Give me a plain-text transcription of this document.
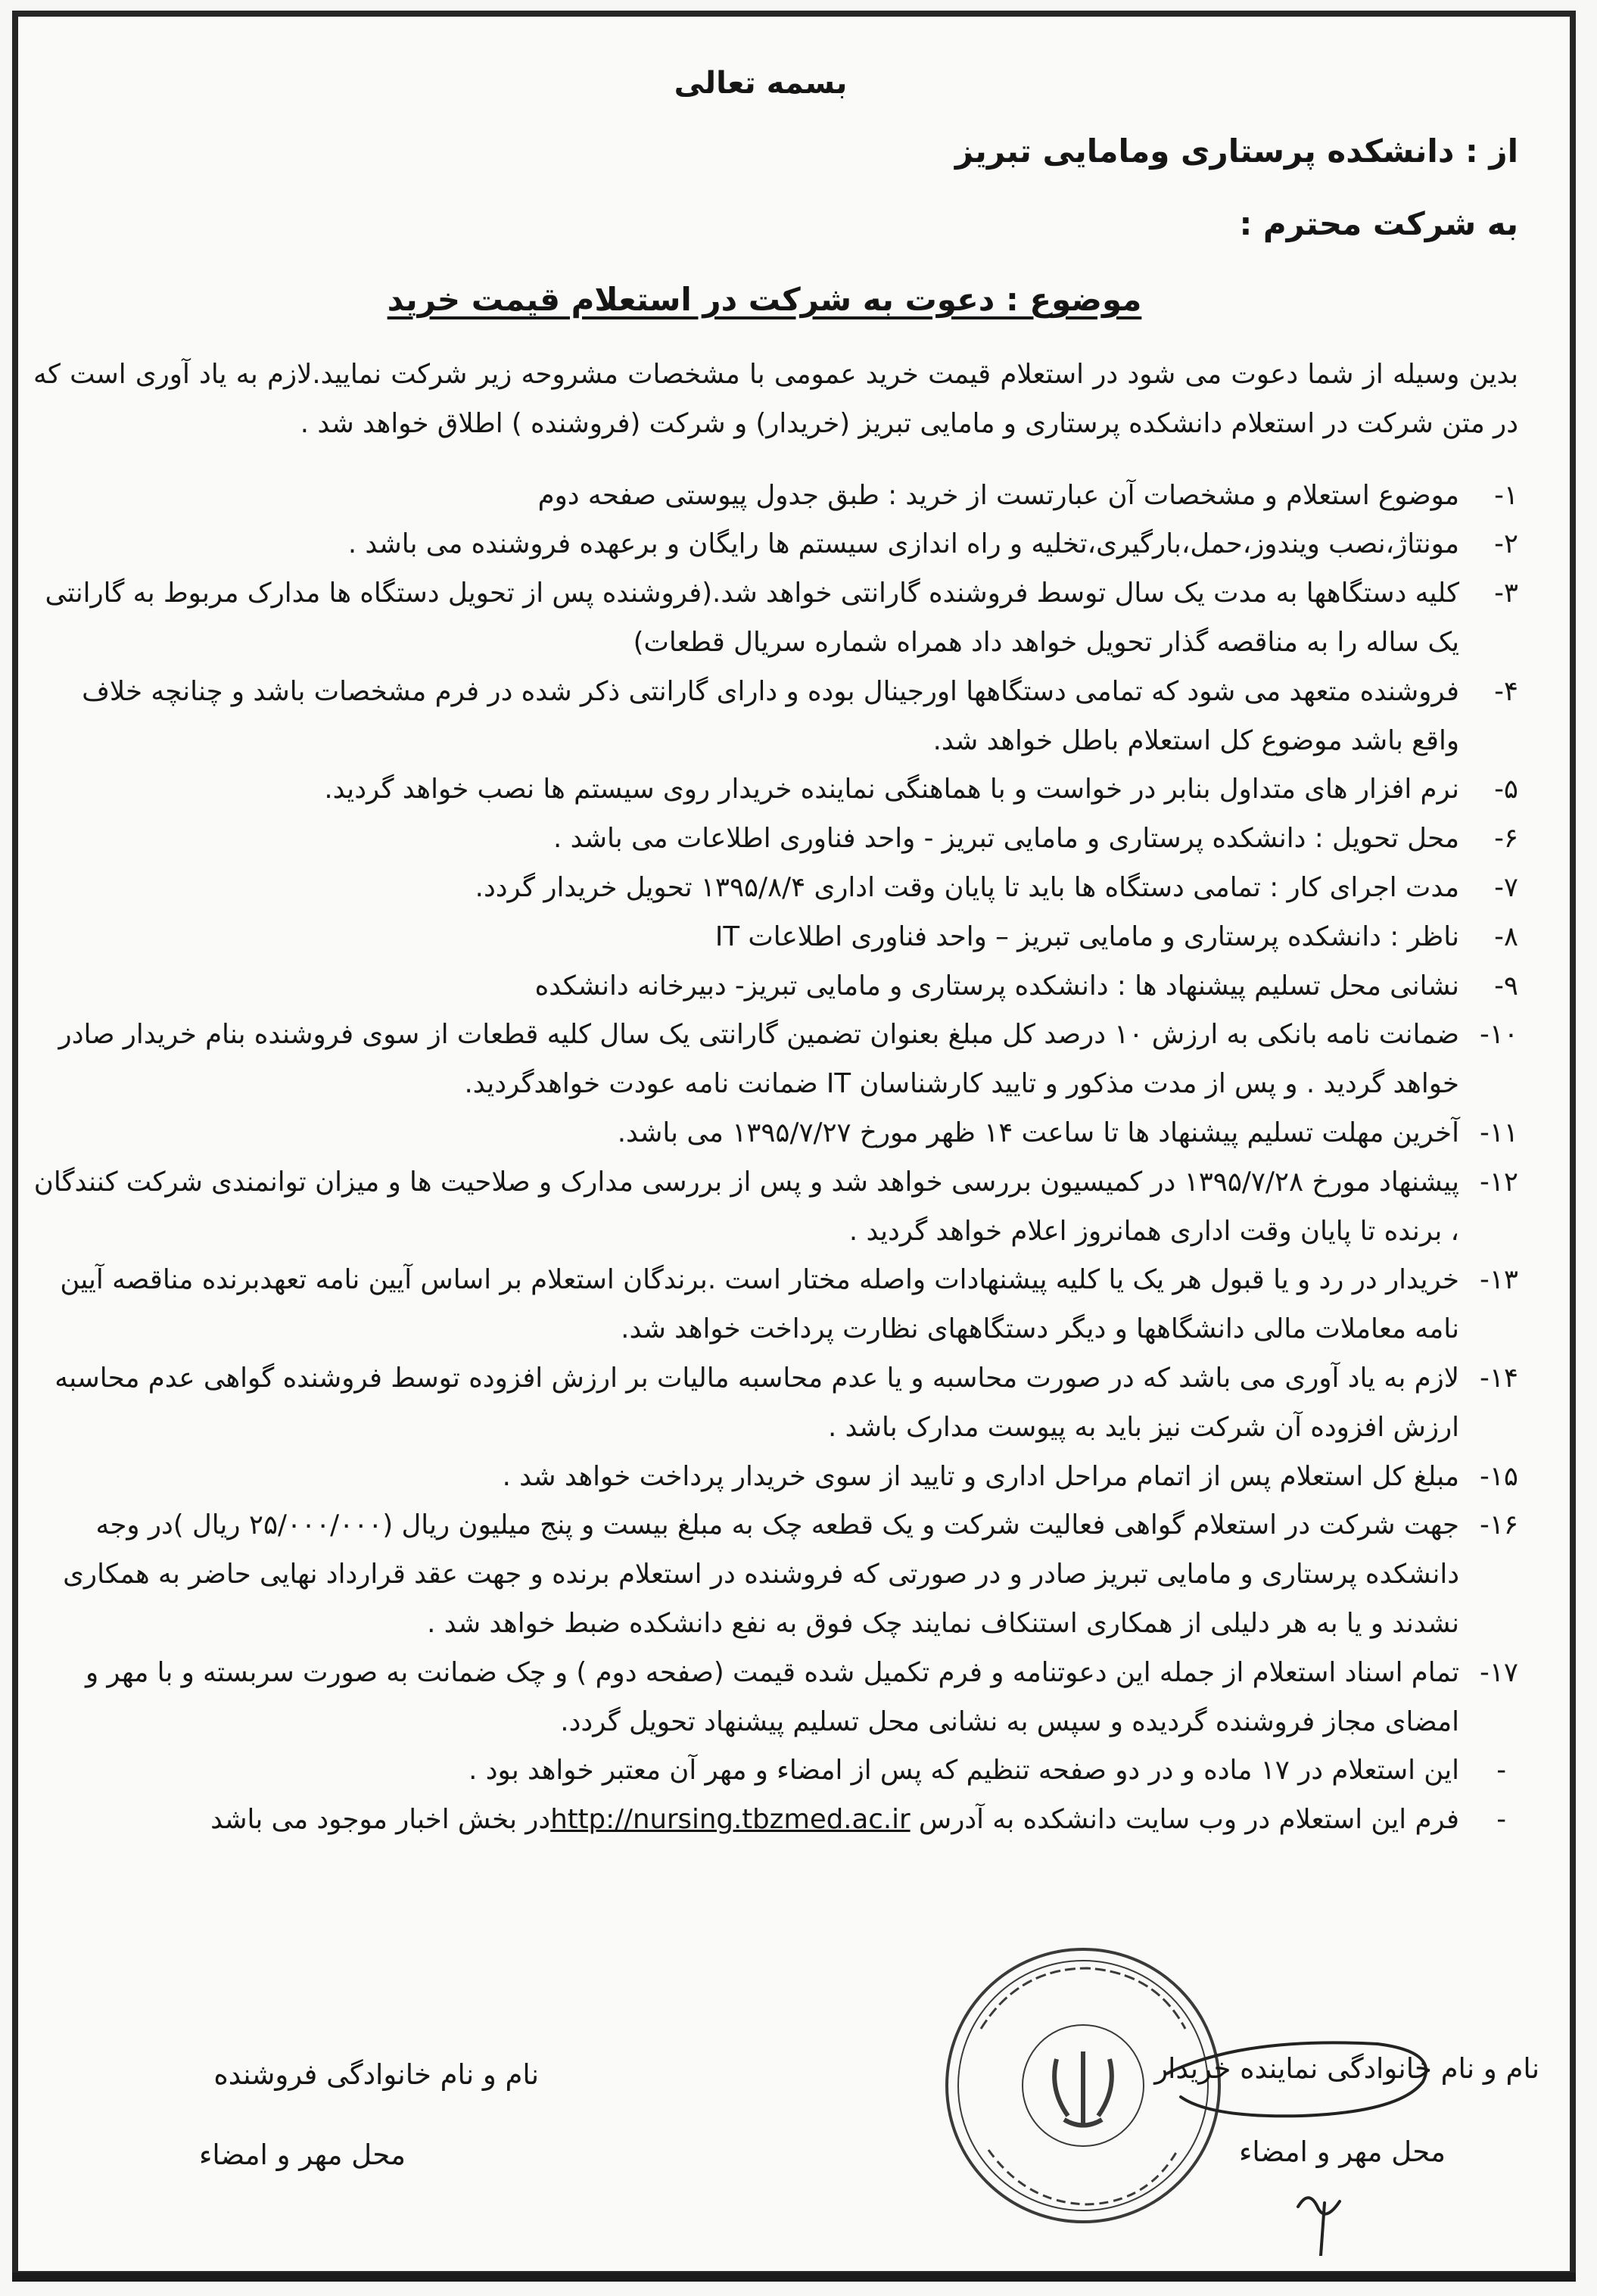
بسمه تعالی
از : دانشکده پرستاری ومامایی تبریز
به شرکت محترم :
موضوع : دعوت به شرکت در استعلام قیمت خرید
بدین وسیله از شما دعوت می شود در استعلام قیمت خرید عمومی با مشخصات مشروحه زیر شرکت نمایید.لازم به یاد آوری است که در متن شرکت در استعلام دانشکده پرستاری و مامایی تبریز (خریدار) و شرکت (فروشنده ) اطلاق خواهد شد .
۱-
موضوع استعلام و مشخصات آن عبارتست از خرید : طبق جدول پیوستی صفحه دوم
۲-
مونتاژ،نصب ویندوز،حمل،بارگیری،تخلیه و راه اندازی سیستم ها رایگان و برعهده فروشنده می باشد .
۳-
کلیه دستگاهها به مدت یک سال توسط فروشنده گارانتی خواهد شد.(فروشنده پس از تحویل دستگاه ها مدارک مربوط به گارانتی یک ساله را به مناقصه گذار تحویل خواهد داد همراه شماره سریال قطعات)
۴-
فروشنده متعهد می شود که تمامی دستگاهها اورجینال بوده و دارای گارانتی ذکر شده در فرم مشخصات باشد و چنانچه خلاف واقع باشد موضوع کل استعلام باطل خواهد شد.
۵-
نرم افزار های متداول بنابر در خواست و با هماهنگی نماینده خریدار روی سیستم ها نصب خواهد گردید.
۶-
محل تحویل : دانشکده پرستاری و مامایی تبریز - واحد فناوری اطلاعات می باشد .
۷-
مدت اجرای کار : تمامی دستگاه ها باید تا پایان وقت اداری ۱۳۹۵/۸/۴ تحویل خریدار گردد.
۸-
ناظر : دانشکده پرستاری و مامایی تبریز – واحد فناوری اطلاعات IT
۹-
نشانی محل تسلیم پیشنهاد ها : دانشکده پرستاری و مامایی تبریز- دبیرخانه دانشکده
۱۰-
ضمانت نامه بانکی به ارزش ۱۰ درصد کل مبلغ بعنوان تضمین گارانتی یک سال کلیه قطعات از سوی فروشنده بنام خریدار صادر خواهد گردید . و پس از مدت مذکور و تایید کارشناسان IT ضمانت نامه عودت خواهدگردید.
۱۱-
آخرین مهلت تسلیم پیشنهاد ها تا ساعت ۱۴ ظهر مورخ ۱۳۹۵/۷/۲۷ می باشد.
۱۲-
پیشنهاد مورخ ۱۳۹۵/۷/۲۸ در کمیسیون بررسی خواهد شد و پس از بررسی مدارک و صلاحیت ها و میزان توانمندی شرکت کنندگان ، برنده تا پایان وقت اداری همانروز اعلام خواهد گردید .
۱۳-
خریدار در رد و یا قبول هر یک یا کلیه پیشنهادات واصله مختار است .برندگان استعلام بر اساس آیین نامه تعهدبرنده مناقصه آیین نامه معاملات مالی دانشگاهها و دیگر دستگاههای نظارت پرداخت خواهد شد.
۱۴-
لازم به یاد آوری می باشد که در صورت محاسبه و یا عدم محاسبه مالیات بر ارزش افزوده توسط فروشنده گواهی عدم محاسبه ارزش افزوده آن شرکت نیز باید به پیوست مدارک باشد .
۱۵-
مبلغ کل استعلام پس از اتمام مراحل اداری و تایید از سوی خریدار پرداخت خواهد شد .
۱۶-
جهت شرکت در استعلام گواهی فعالیت شرکت و یک قطعه چک به مبلغ بیست و پنج میلیون ریال (۲۵/۰۰۰/۰۰۰ ریال )در وجه دانشکده پرستاری و مامایی تبریز صادر و در صورتی که فروشنده در استعلام برنده و جهت عقد قرارداد نهایی حاضر به همکاری نشدند و یا به هر دلیلی از همکاری استنکاف نمایند چک فوق به نفع دانشکده ضبط خواهد شد .
۱۷-
تمام اسناد استعلام از جمله این دعوتنامه و فرم تکمیل شده قیمت (صفحه دوم ) و چک ضمانت به صورت سربسته و با مهر و امضای مجاز فروشنده گردیده و سپس به نشانی محل تسلیم پیشنهاد تحویل گردد.
-
این استعلام در ۱۷ ماده و در دو صفحه تنظیم که پس از امضاء و مهر آن معتبر خواهد بود .
-
فرم این استعلام در وب سایت دانشکده به آدرس http://nursing.tbzmed.ac.irدر بخش اخبار موجود می باشد
نام و نام خانوادگی نماینده خریدار
محل مهر و امضاء
نام و نام خانوادگی فروشنده
محل مهر و امضاء
